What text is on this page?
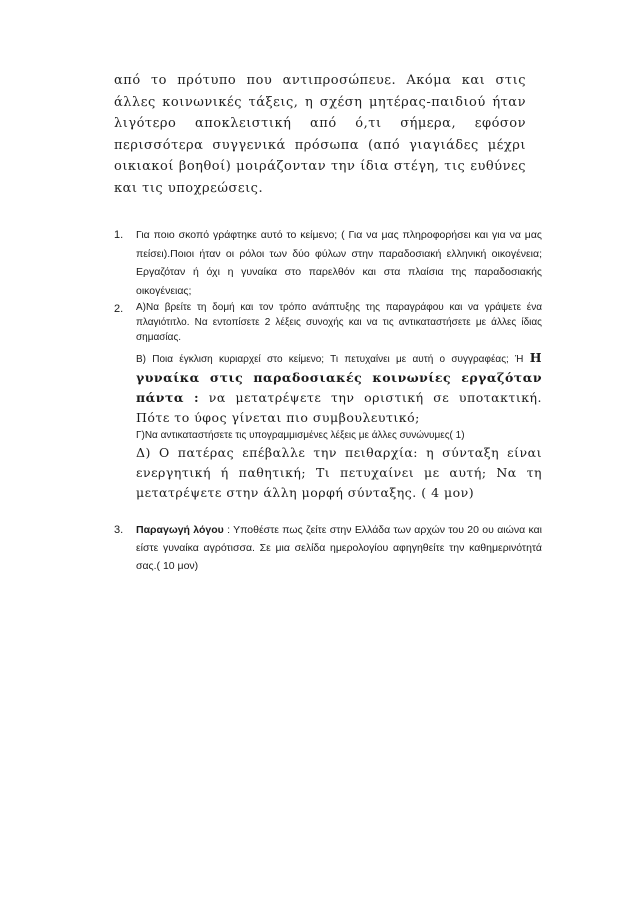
από το πρότυπο που αντιπροσώπευε. Ακόμα και στις άλλες κοινωνικές τάξεις, η σχέση μητέρας-παιδιού ήταν λιγότερο αποκλειστική από ό,τι σήμερα, εφόσον περισσότερα συγγενικά πρόσωπα (από γιαγιάδες μέχρι οικιακοί βοηθοί) μοιράζονταν την ίδια στέγη, τις ευθύνες και τις υποχρεώσεις.

1. Για ποιο σκοπό γράφτηκε αυτό το κείμενο; ( Για να μας πληροφορήσει και για να μας πείσει).Ποιοι ήταν οι ρόλοι των δύο φύλων στην παραδοσιακή ελληνική οικογένεια; Εργαζόταν ή όχι η γυναίκα στο παρελθόν και στα πλαίσια της παραδοσιακής οικογένειας;
2. Α)Να βρείτε τη δομή και τον τρόπο ανάπτυξης της παραγράφου και να γράψετε ένα πλαγιότιτλο. Να εντοπίσετε 2 λέξεις συνοχής και να τις αντικαταστήσετε με άλλες ίδιας σημασίας.
Β) Ποια έγκλιση κυριαρχεί στο κείμενο; Τι πετυχαίνει με αυτή ο συγγραφέας; Ή Η γυναίκα στις παραδοσιακές κοινωνίες εργαζόταν πάντα : να μετατρέψετε την οριστική σε υποτακτική. Πότε το ύφος γίνεται πιο συμβουλευτικό;
Γ)Να αντικαταστήσετε τις υπογραμμισμένες λέξεις με άλλες συνώνυμες( 1)
Δ) Ο πατέρας επέβαλλε την πειθαρχία: η σύνταξη είναι ενεργητική ή παθητική; Τι πετυχαίνει με αυτή; Να τη μετατρέψετε στην άλλη μορφή σύνταξης. ( 4 μον)
3. Παραγωγή λόγου : Υποθέστε πως ζείτε στην Ελλάδα των αρχών του 20 ου αιώνα και είστε γυναίκα αγρότισσα. Σε μια σελίδα ημερολογίου αφηγηθείτε την καθημερινότητά σας.( 10 μον)
